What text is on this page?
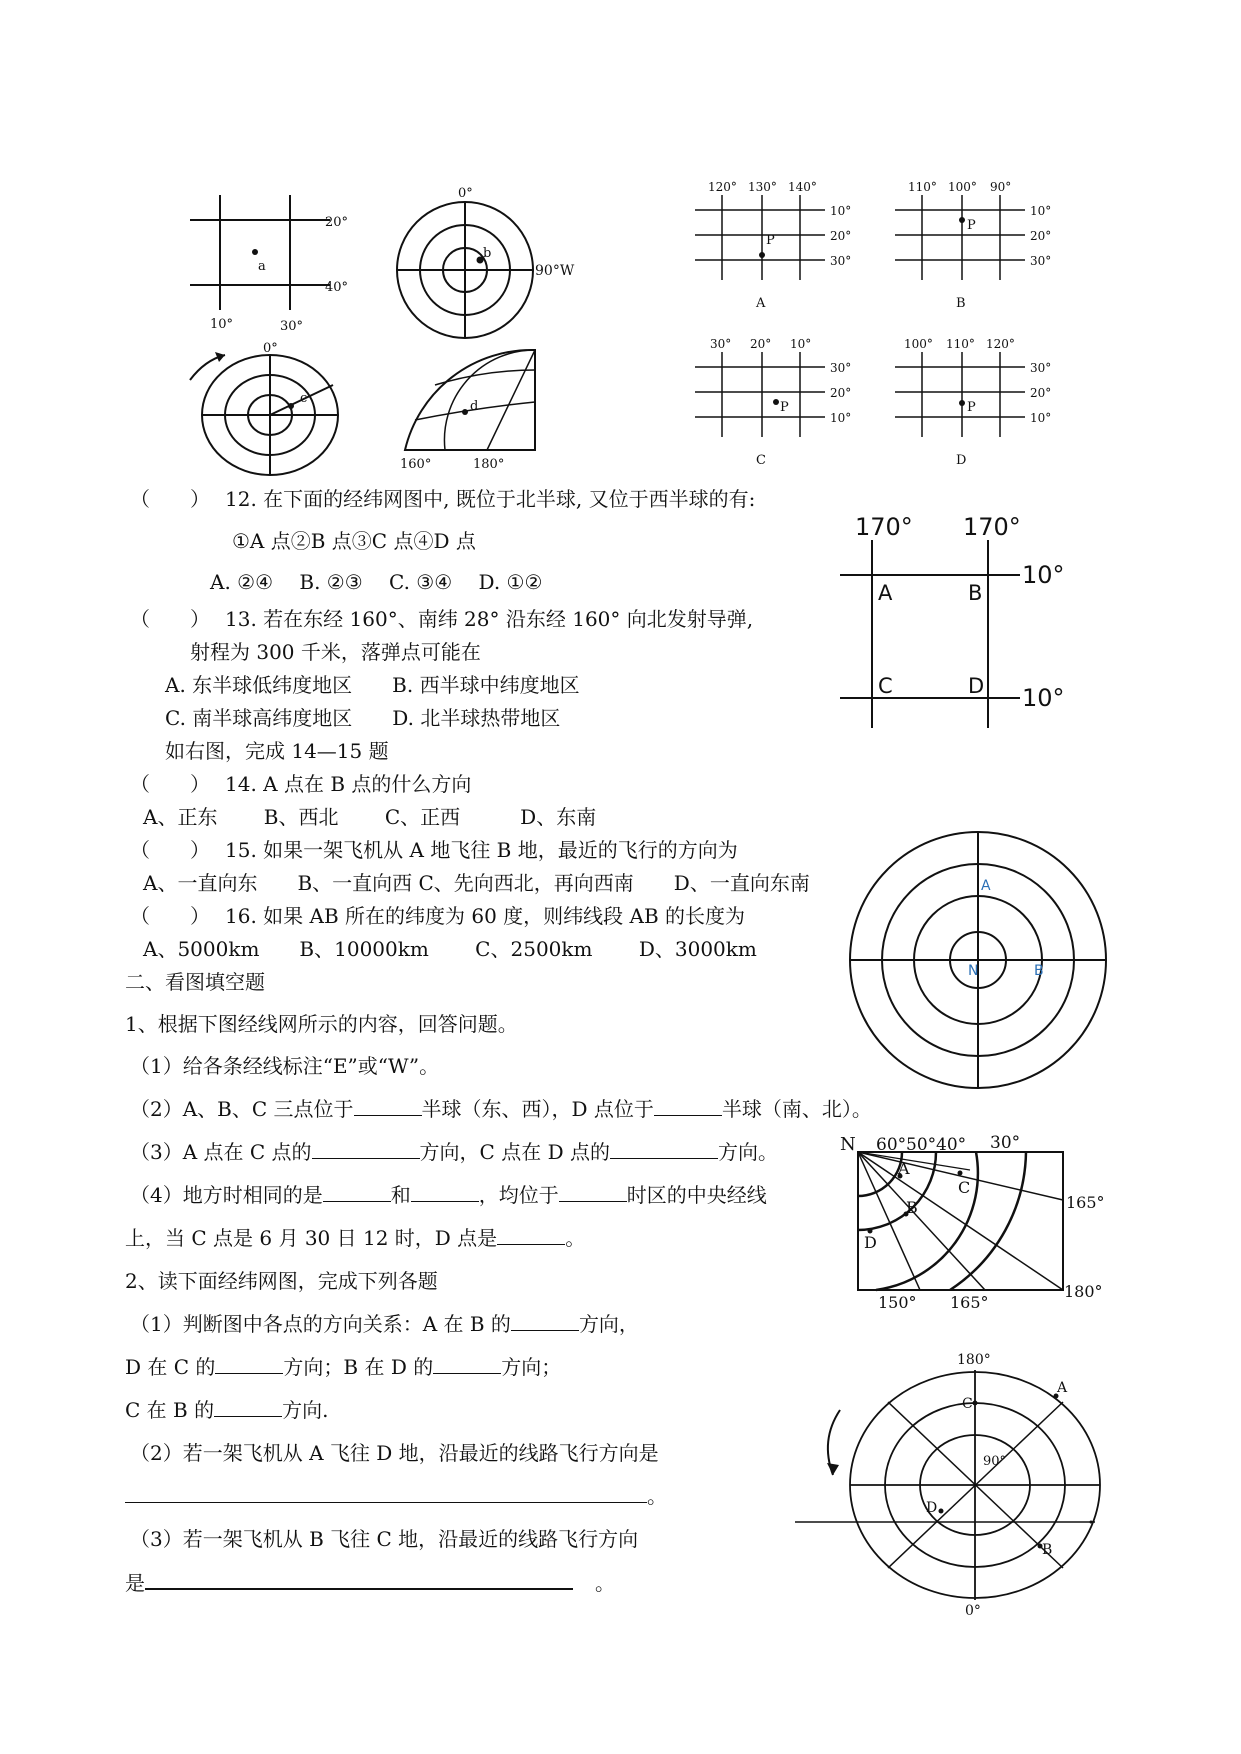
a
20°
40°
10°	30°
b
0°
90°W
c
0°
d
160°	180°
P
120° 130° 140°
10°
20°
30°
A
P
110° 100° 90°
10°
20°
30°
B
P
30° 20° 10°
30°
20°
10°
C
P
100° 110° 120°
30°
20°
10°
D
（　　） 12. 在下面的经纬网图中, 既位于北半球, 又位于西半球的有:
①A 点②B 点③C 点④D 点
A. ②④　 B. ②③　 C. ③④　 D. ①②
（　　） 13. 若在东经 160°、南纬 28° 沿东经 160° 向北发射导弹,
射程为 300 千米，落弹点可能在
A. 东半球低纬度地区　　B. 西半球中纬度地区
C. 南半球高纬度地区　　D. 北半球热带地区
如右图，完成 14—15 题
（　　） 14. A 点在 B 点的什么方向
A、正东　　 B、西北　　 C、正西　　　D、东南
（　　） 15. 如果一架飞机从 A 地飞往 B 地，最近的飞行的方向为
A、一直向东　　B、一直向西 C、先向西北，再向西南　　D、一直向东南
（　　） 16. 如果 AB 所在的纬度为 60 度，则纬线段 AB 的长度为
A、5000km　　B、10000km　　 C、2500km　　 D、3000km
170° 170°
10°
10°
A	B
C	D
A
N	B
二、看图填空题
1、根据下图经线网所示的内容，回答问题。
（1）给各条经线标注“E”或“W”。
（2）A、B、C 三点位于	半球（东、西），D 点位于	半球（南、北）。
（3）A 点在 C 点的	方向，C 点在 D 点的	方向。
（4）地方时相同的是	和	，均位于	时区的中央经线
上，当 C 点是 6 月 30 日 12 时，D 点是	。
N 60° 50° 40° 30°
A
B
C
D
165°
180°
150° 165°
2、读下面经纬网图，完成下列各题
（1）判断图中各点的方向关系：A 在 B 的	方向，
D 在 C 的	方向；B 在 D 的	方向；
C 在 B 的	方向.
（2）若一架飞机从 A 飞往 D 地，沿最近的线路飞行方向是
。
（3）若一架飞机从 B 飞往 C 地，沿最近的线路飞行方向
是	。
180°
C
A
90°
D
B
0°
